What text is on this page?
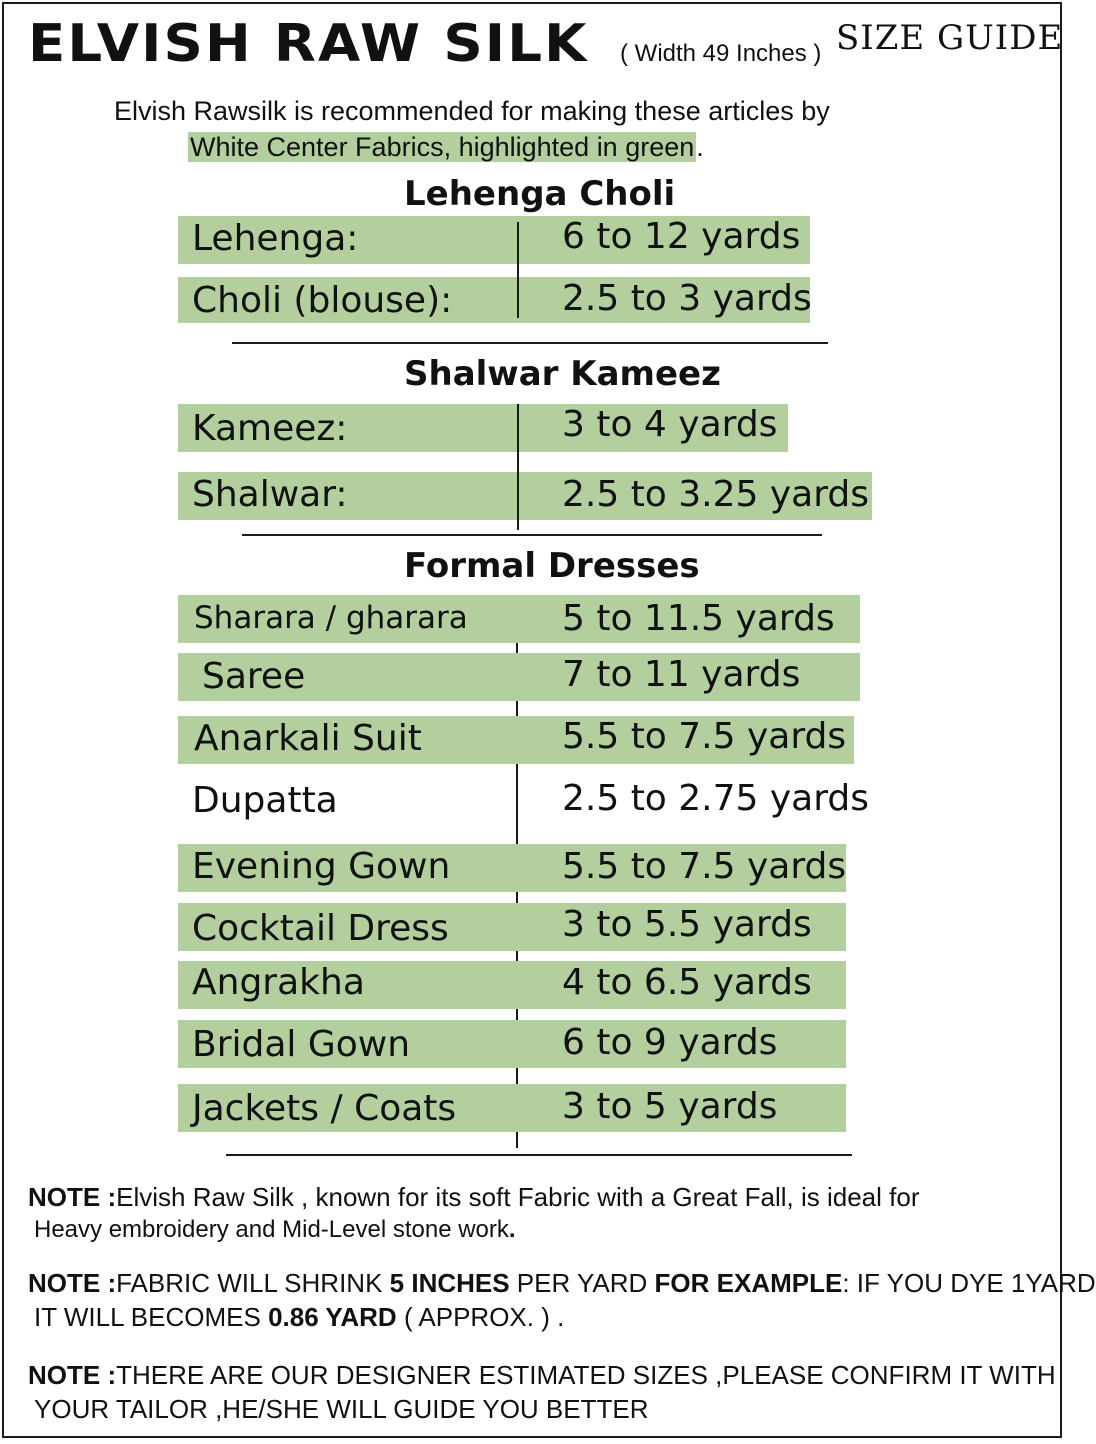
ELVISH RAW SILK ( Width 49 Inches ) SIZE GUIDE
Elvish Rawsilk is recommended for making these articles by
White Center Fabrics, highlighted in green.
Lehenga Choli
Lehenga:	6 to 12 yards
Choli (blouse):	2.5 to 3 yards
Shalwar Kameez
Kameez:	3 to 4 yards
Shalwar:	2.5 to 3.25 yards
Formal Dresses
Sharara / gharara	5 to 11.5 yards
Saree	7 to 11 yards
Anarkali Suit	5.5 to 7.5 yards
Dupatta	2.5 to 2.75 yards
Evening Gown	5.5 to 7.5 yards
Cocktail Dress	3 to 5.5 yards
Angrakha	4 to 6.5 yards
Bridal Gown	6 to 9 yards
Jackets / Coats	3 to 5 yards
NOTE :Elvish Raw Silk , known for its soft Fabric with a Great Fall, is ideal for
Heavy embroidery and Mid-Level stone work.
NOTE :FABRIC WILL SHRINK 5 INCHES PER YARD FOR EXAMPLE: IF YOU DYE 1YARD
IT WILL BECOMES 0.86 YARD ( APPROX. ) .
NOTE :THERE ARE OUR DESIGNER ESTIMATED SIZES ,PLEASE CONFIRM IT WITH
YOUR TAILOR ,HE/SHE WILL GUIDE YOU BETTER
